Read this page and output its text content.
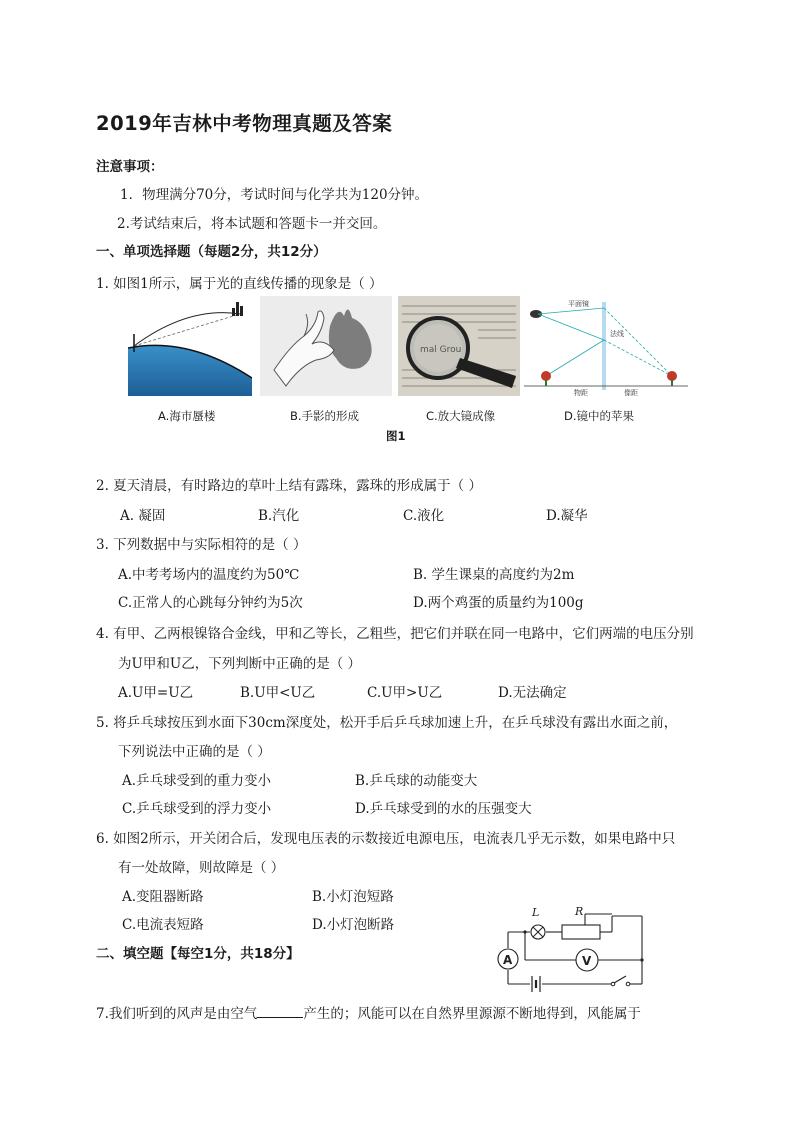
2019年吉林中考物理真题及答案
注意事项：
1．物理满分70分，考试时间与化学共为120分钟。
2.考试结束后，将本试题和答题卡一并交回。
一、单项选择题（每题2分，共12分）
1. 如图1所示，属于光的直线传播的现象是（ ）
mal Grou
平面镜
法线
物距	像距
A.海市蜃楼	B.手影的形成	C.放大镜成像	D.镜中的苹果
图1
2. 夏天清晨，有时路边的草叶上结有露珠，露珠的形成属于（ ）
A. 凝固	B.汽化	C.液化	D.凝华
3. 下列数据中与实际相符的是（ ）
A.中考考场内的温度约为50℃	B. 学生课桌的高度约为2m
C.正常人的心跳每分钟约为5次	D.两个鸡蛋的质量约为100g
4. 有甲、乙两根镍铬合金线，甲和乙等长，乙粗些，把它们并联在同一电路中，它们两端的电压分别
为U甲和U乙，下列判断中正确的是（ ）
A.U甲=U乙	B.U甲<U乙	C.U甲>U乙	D.无法确定
5. 将乒乓球按压到水面下30cm深度处，松开手后乒乓球加速上升，在乒乓球没有露出水面之前，
下列说法中正确的是（ ）
A.乒乓球受到的重力变小	B.乒乓球的动能变大
C.乒乓球受到的浮力变小	D.乒乓球受到的水的压强变大
6. 如图2所示，开关闭合后，发现电压表的示数接近电源电压，电流表几乎无示数，如果电路中只
有一处故障，则故障是（ ）
A.变阻器断路	B.小灯泡短路
C.电流表短路	D.小灯泡断路
A	V
L	R
二、填空题【每空1分，共18分】
7.我们听到的风声是由空气	产生的；风能可以在自然界里源源不断地得到，风能属于
